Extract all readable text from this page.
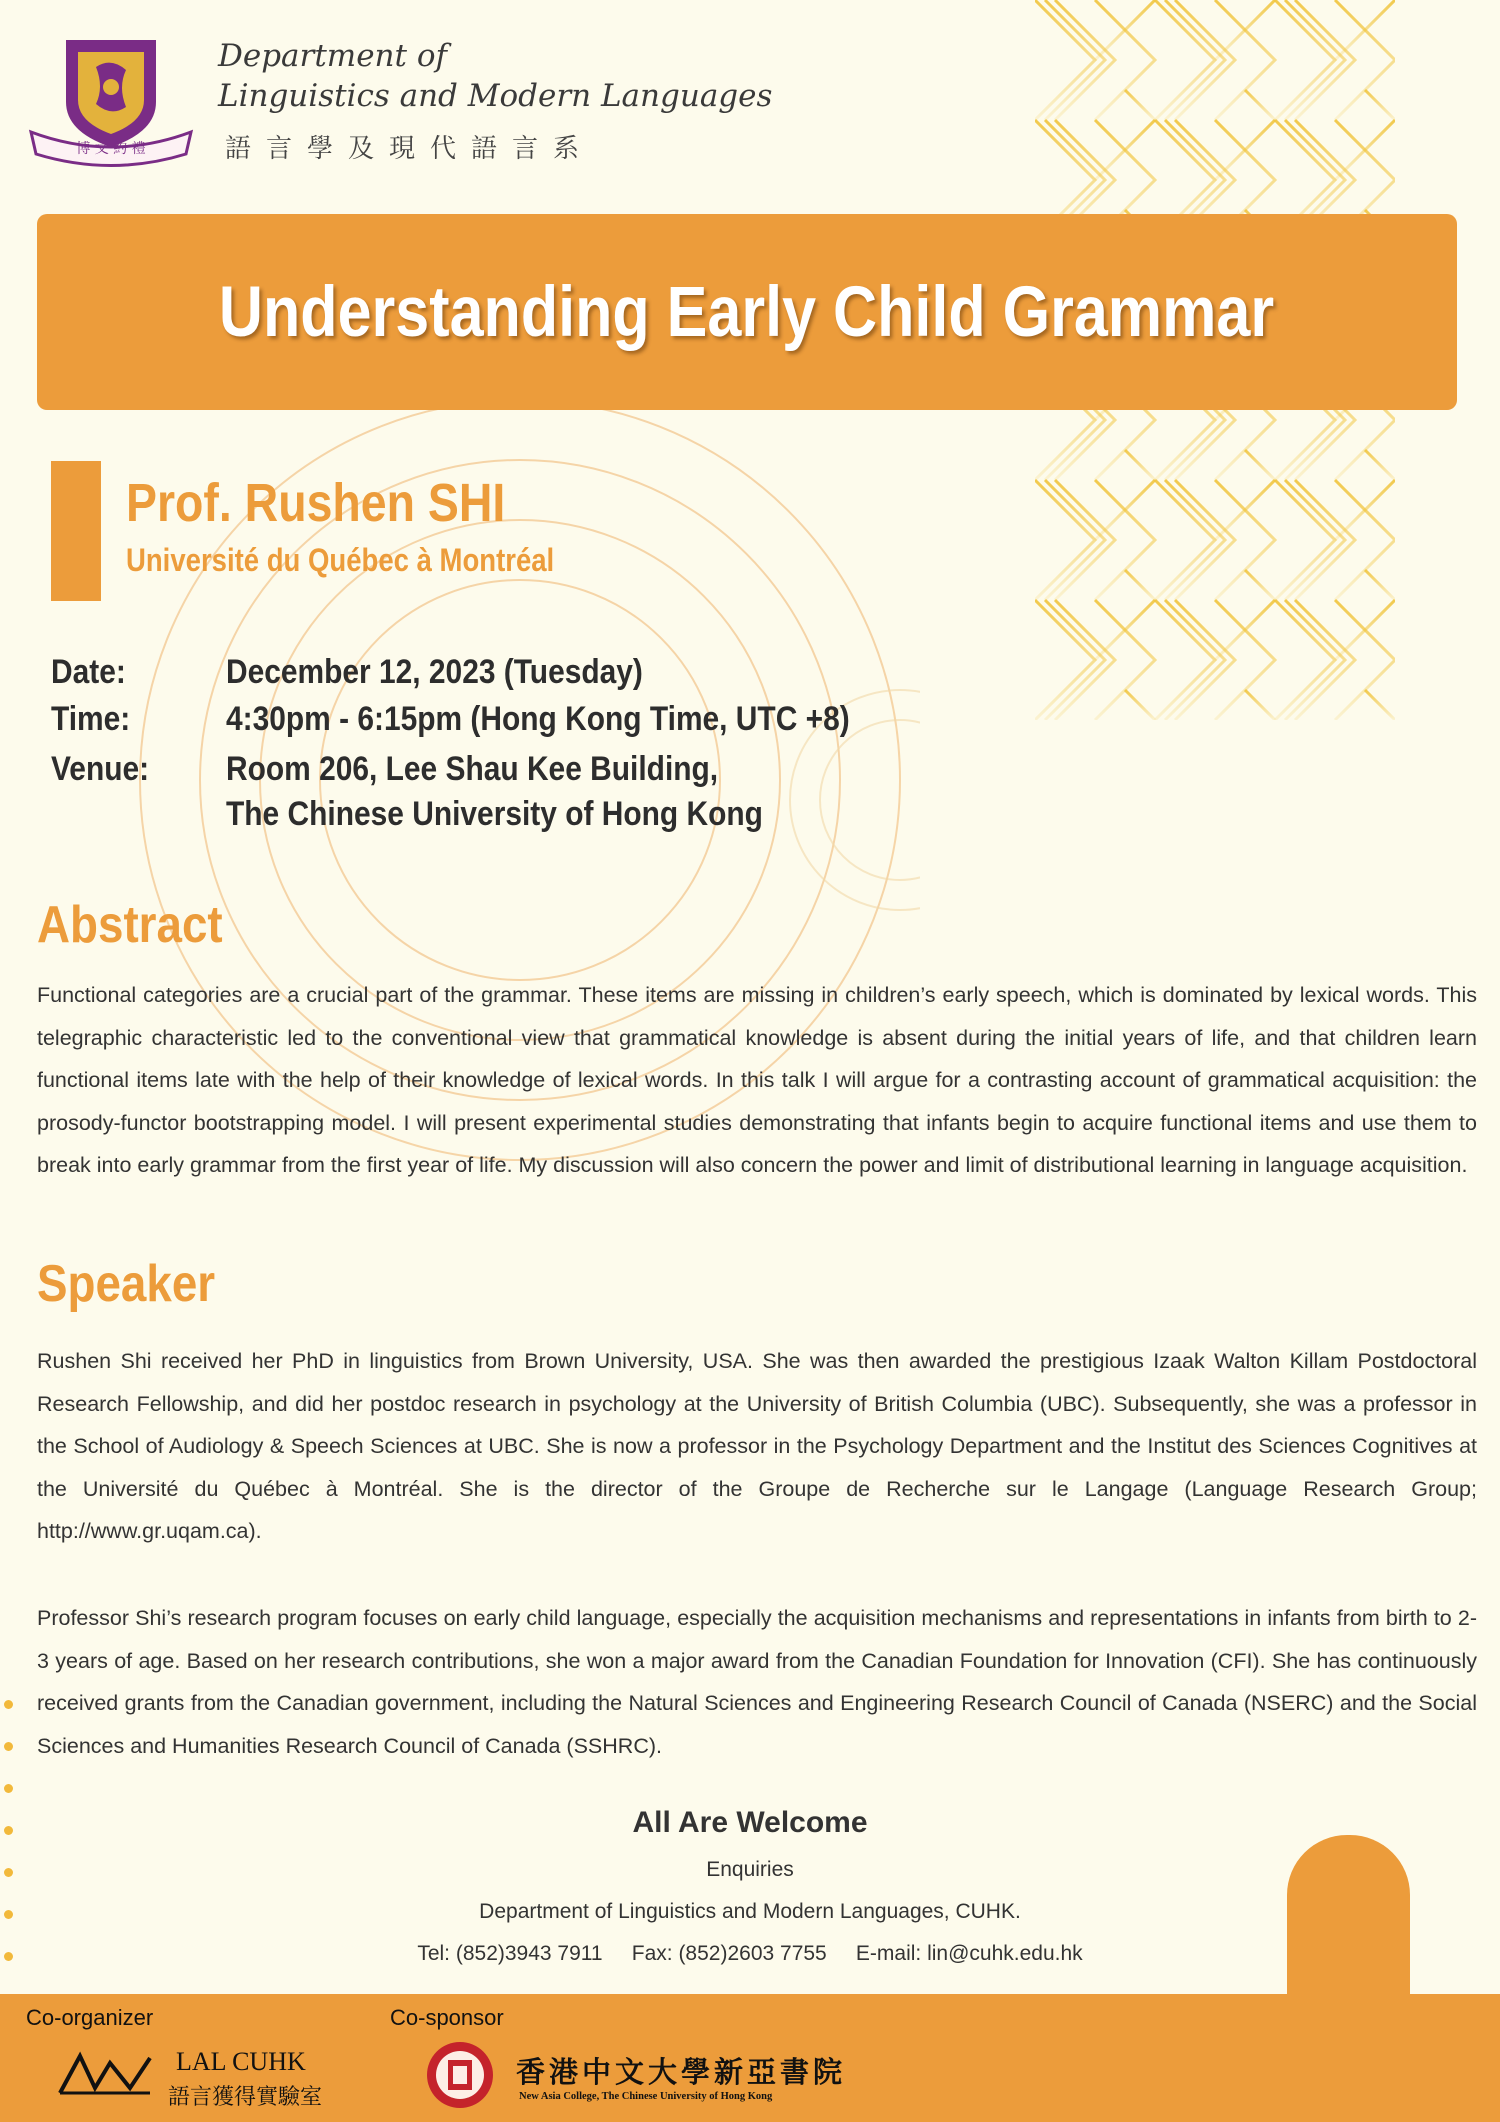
博 文 約 禮
Department of
Linguistics and Modern Languages
語言學及現代語言系
Understanding Early Child Grammar
Prof. Rushen SHI
Université du Québec à Montréal
Date:	December 12, 2023 (Tuesday)
Time:	4:30pm - 6:15pm (Hong Kong Time, UTC +8)
Venue: Room 206, Lee Shau Kee Building,
The Chinese University of Hong Kong
Abstract
Functional categories are a crucial part of the grammar. These items are missing in children’s early speech, which is dominated by lexical words. This telegraphic characteristic led to the conventional view that grammatical knowledge is absent during the initial years of life, and that children learn functional items late with the help of their knowledge of lexical words. In this talk I will argue for a contrasting account of grammatical acquisition: the prosody-functor bootstrapping model. I will present experimental studies demonstrating that infants begin to acquire functional items and use them to break into early grammar from the first year of life. My discussion will also concern the power and limit of distributional learning in language acquisition.
Speaker
Rushen Shi received her PhD in linguistics from Brown University, USA. She was then awarded the prestigious Izaak Walton Killam Postdoctoral Research Fellowship, and did her postdoc research in psychology at the University of British Columbia (UBC). Subsequently, she was a professor in the School of Audiology & Speech Sciences at UBC. She is now a professor in the Psychology Department and the Institut des Sciences Cognitives at the Université du Québec à Montréal. She is the director of the Groupe de Recherche sur le Langage (Language Research Group; http://www.gr.uqam.ca).
Professor Shi’s research program focuses on early child language, especially the acquisition mechanisms and representations in infants from birth to 2-3 years of age. Based on her research contributions, she won a major award from the Canadian Foundation for Innovation (CFI). She has continuously received grants from the Canadian government, including the Natural Sciences and Engineering Research Council of Canada (NSERC) and the Social Sciences and Humanities Research Council of Canada (SSHRC).
All Are Welcome
Enquiries
Department of Linguistics and Modern Languages, CUHK.
Tel: (852)3943 7911 Fax: (852)2603 7755 E-mail: lin@cuhk.edu.hk
Co-organizer
LAL CUHK
語言獲得實驗室
Co-sponsor
香港中文大學新亞書院
New Asia College, The Chinese University of Hong Kong
